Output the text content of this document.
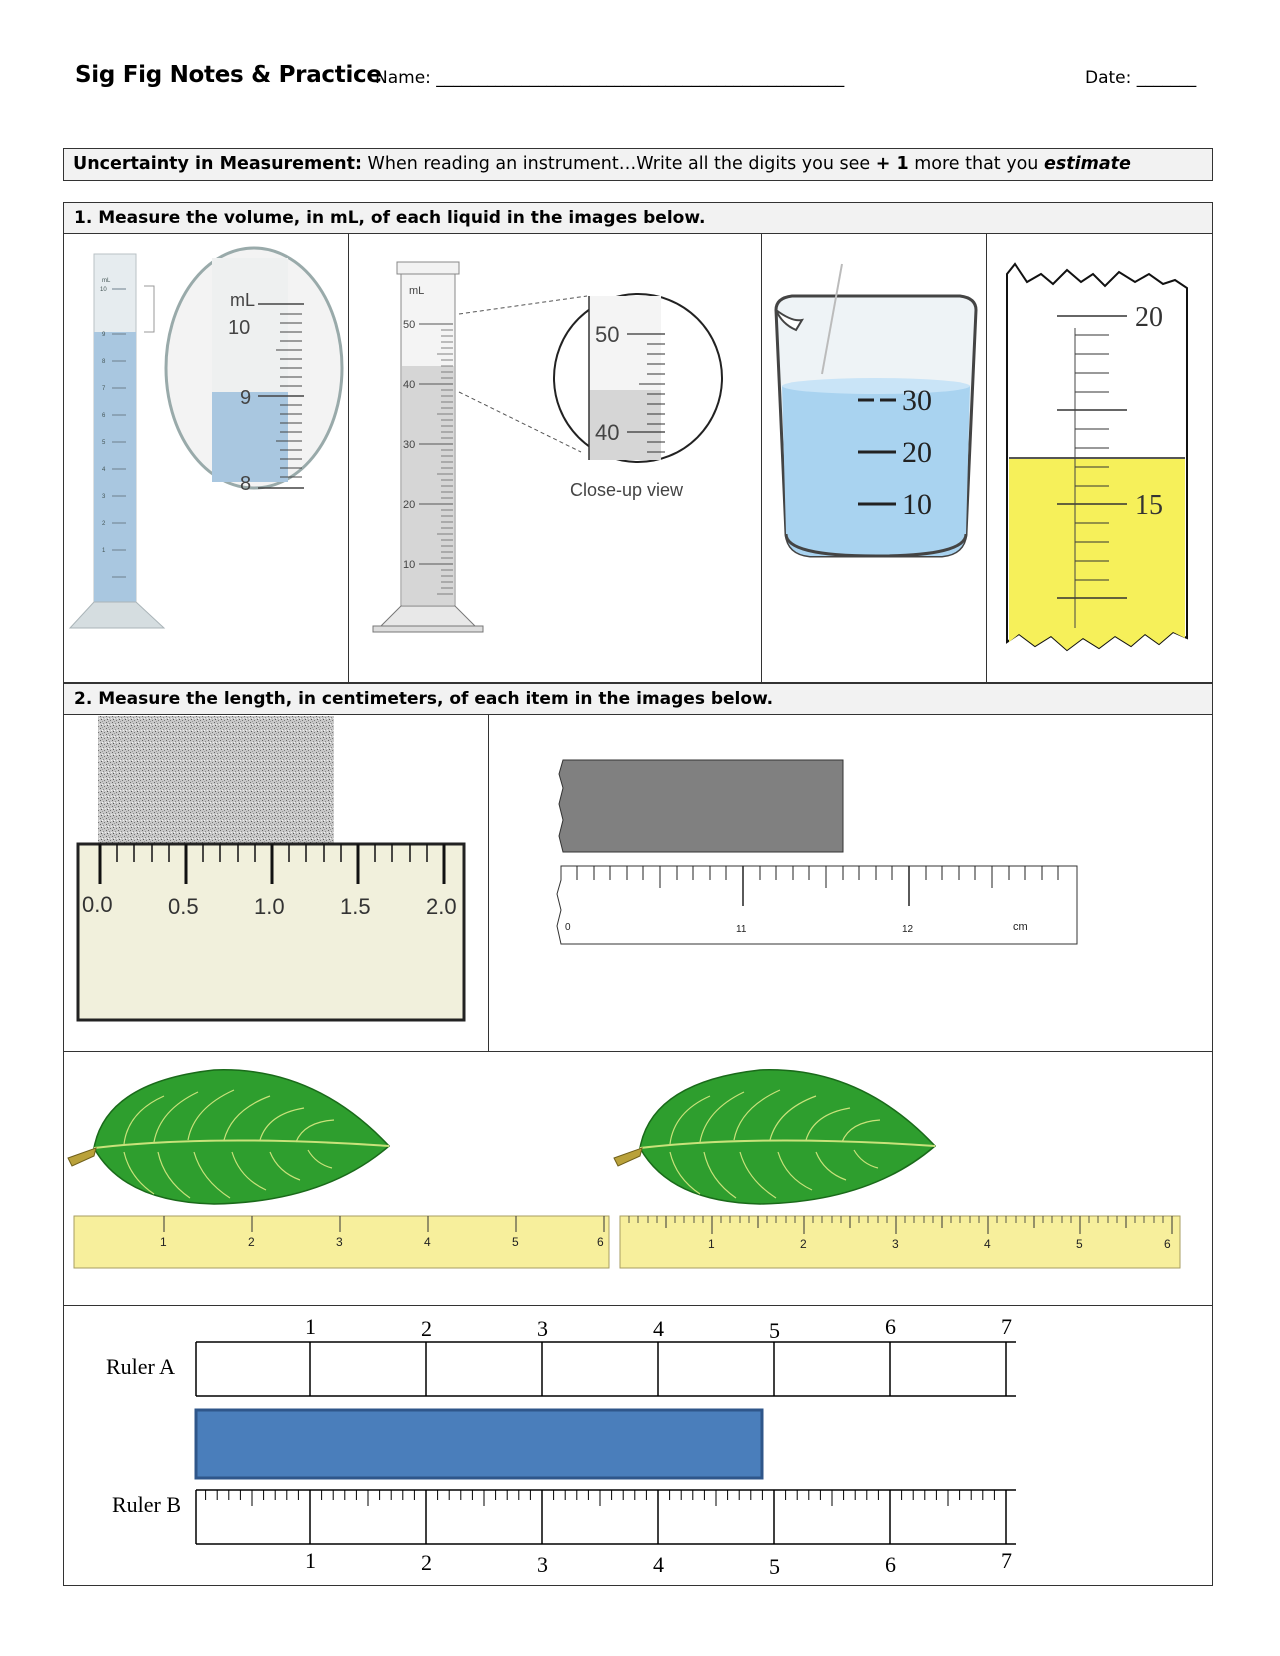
Sig Fig Notes & Practice
Name: ________________________________________________	Date: _______
Uncertainty in Measurement: When reading an instrument…Write all the digits you see + 1 more that you estimate
1. Measure the volume, in mL, of each liquid in the images below.
mL
10
9
8
7
6
5
4
3
2
1
mL
10
9
8
mL
50
40
30
20
10
50
40
Close-up view
30
20
10
20
15
2. Measure the length, in centimeters, of each item in the images below.
0.0	0.5	1.0	1.5	2.0
0	11	12	cm
1	2	3	4	5	6	1	2	3	4	5	6
Ruler A
1	2	3	4	5	6	7
Ruler B
1	2	3	4	5	6	7
